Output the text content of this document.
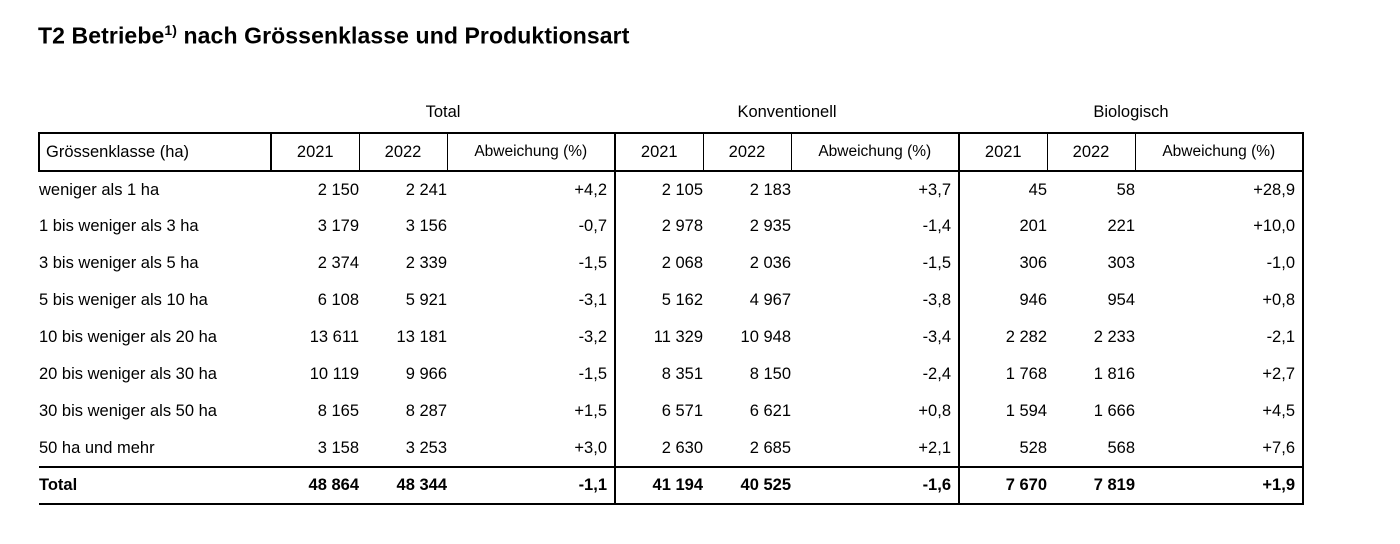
T2 Betriebe$^{1)}$ nach Grössenklasse und Produktionsart
	Total			Konventionell			Biologisch		
Grössenklasse (ha)	2021	2022	Abweichung (%)	2021	2022	Abweichung (%)	2021	2022	Abweichung (%)
weniger als 1 ha	2 150	2 241	+4,2	2 105	2 183	+3,7	45	58	+28,9
1 bis weniger als 3 ha	3 179	3 156	-0,7	2 978	2 935	-1,4	201	221	+10,0
3 bis weniger als 5 ha	2 374	2 339	-1,5	2 068	2 036	-1,5	306	303	-1,0
5 bis weniger als 10 ha	6 108	5 921	-3,1	5 162	4 967	-3,8	946	954	+0,8
10 bis weniger als 20 ha	13 611	13 181	-3,2	11 329	10 948	-3,4	2 282	2 233	-2,1
20 bis weniger als 30 ha	10 119	9 966	-1,5	8 351	8 150	-2,4	1 768	1 816	+2,7
30 bis weniger als 50 ha	8 165	8 287	+1,5	6 571	6 621	+0,8	1 594	1 666	+4,5
50 ha und mehr	3 158	3 253	+3,0	2 630	2 685	+2,1	528	568	+7,6
Total	48 864	48 344	-1,1	41 194	40 525	-1,6	7 670	7 819	+1,9
